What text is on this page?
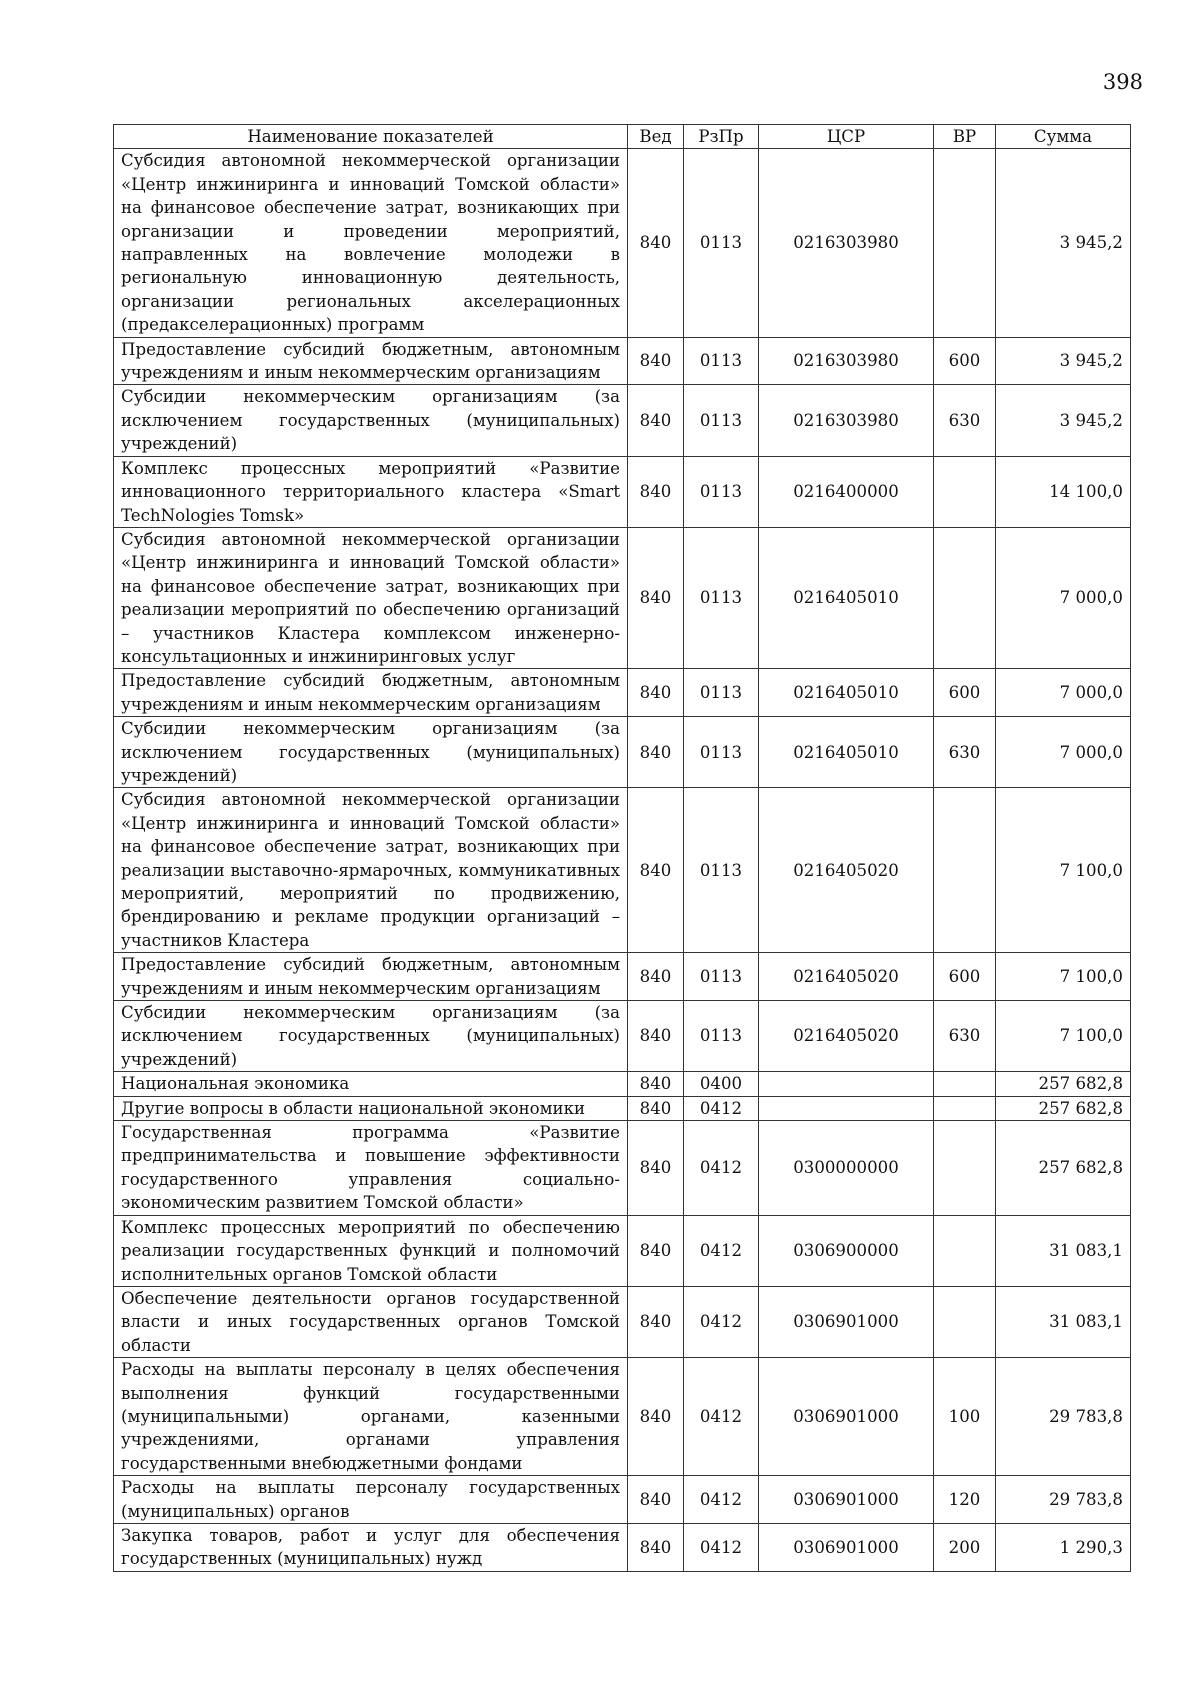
398
Наименование показателей	Вед	РзПр	ЦСР	ВР	Сумма
Субсидия автономной некоммерческой организации «Центр инжиниринга и инноваций Томской области» на финансовое обеспечение затрат, возникающих при организации и проведении мероприятий, направленных на вовлечение молодежи в региональную инновационную деятельность, организации региональных акселерационных (предакселерационных) программ	840	0113	0216303980		3 945,2
Предоставление субсидий бюджетным, автономным учреждениям и иным некоммерческим организациям	840	0113	0216303980	600	3 945,2
Субсидии некоммерческим организациям (за исключением государственных (муниципальных) учреждений)	840	0113	0216303980	630	3 945,2
Комплекс процессных мероприятий «Развитие инновационного территориального кластера «Smart TechNologies Tomsk»	840	0113	0216400000		14 100,0
Субсидия автономной некоммерческой организации «Центр инжиниринга и инноваций Томской области» на финансовое обеспечение затрат, возникающих при реализации мероприятий по обеспечению организаций – участников Кластера комплексом инженерно-консультационных и инжиниринговых услуг	840	0113	0216405010		7 000,0
Предоставление субсидий бюджетным, автономным учреждениям и иным некоммерческим организациям	840	0113	0216405010	600	7 000,0
Субсидии некоммерческим организациям (за исключением государственных (муниципальных) учреждений)	840	0113	0216405010	630	7 000,0
Субсидия автономной некоммерческой организации «Центр инжиниринга и инноваций Томской области» на финансовое обеспечение затрат, возникающих при реализации выставочно-ярмарочных, коммуникативных мероприятий, мероприятий по продвижению, брендированию и рекламе продукции организаций – участников Кластера	840	0113	0216405020		7 100,0
Предоставление субсидий бюджетным, автономным учреждениям и иным некоммерческим организациям	840	0113	0216405020	600	7 100,0
Субсидии некоммерческим организациям (за исключением государственных (муниципальных) учреждений)	840	0113	0216405020	630	7 100,0
Национальная экономика	840	0400			257 682,8
Другие вопросы в области национальной экономики	840	0412			257 682,8
Государственная программа «Развитие предпринимательства и повышение эффективности государственного управления социально-экономическим развитием Томской области»	840	0412	0300000000		257 682,8
Комплекс процессных мероприятий по обеспечению реализации государственных функций и полномочий исполнительных органов Томской области	840	0412	0306900000		31 083,1
Обеспечение деятельности органов государственной власти и иных государственных органов Томской области	840	0412	0306901000		31 083,1
Расходы на выплаты персоналу в целях обеспечения выполнения функций государственными (муниципальными) органами, казенными учреждениями, органами управления государственными внебюджетными фондами	840	0412	0306901000	100	29 783,8
Расходы на выплаты персоналу государственных (муниципальных) органов	840	0412	0306901000	120	29 783,8
Закупка товаров, работ и услуг для обеспечения государственных (муниципальных) нужд	840	0412	0306901000	200	1 290,3
